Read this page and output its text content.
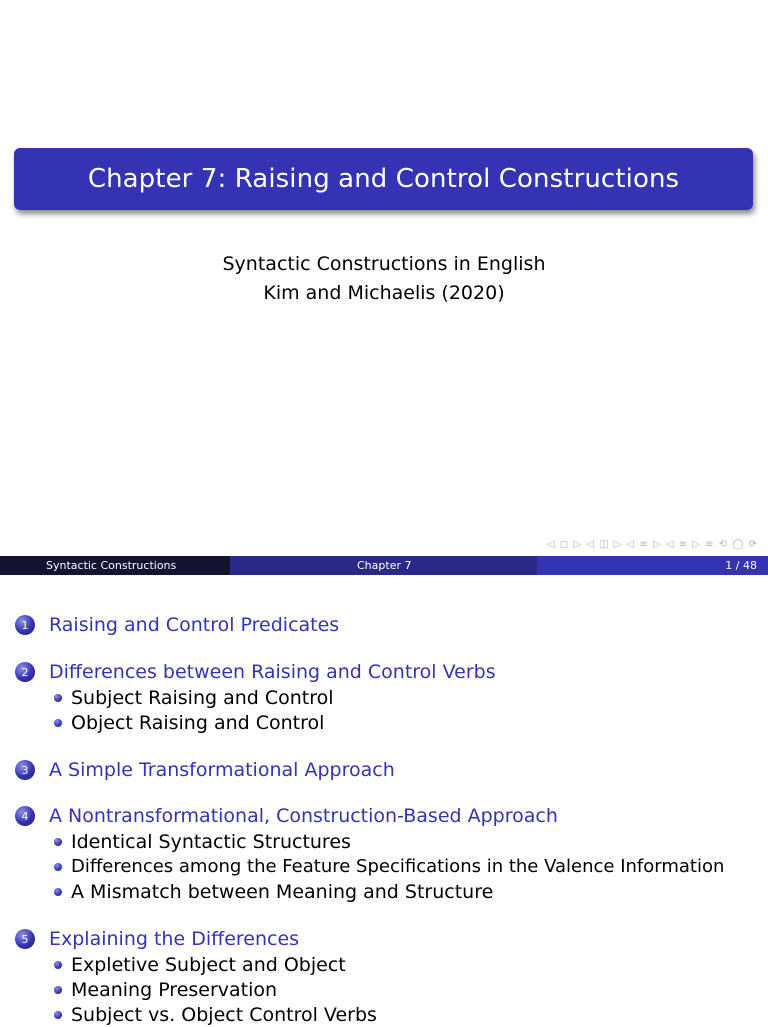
Chapter 7: Raising and Control Constructions
Syntactic Constructions in English
Kim and Michaelis (2020)
◁ ◻ ▷ ◁ ◫ ▷ ◁ ≡ ▷ ◁ ≡ ▷ ≡ ⟲ ◯ ⟳
Syntactic Constructions	Chapter 7	1 / 48
1	Raising and Control Predicates
2	Differences between Raising and Control Verbs
Subject Raising and Control
Object Raising and Control
3	A Simple Transformational Approach
4	A Nontransformational, Construction-Based Approach
Identical Syntactic Structures
Differences among the Feature Specifications in the Valence Information
A Mismatch between Meaning and Structure
5	Explaining the Differences
Expletive Subject and Object
Meaning Preservation
Subject vs. Object Control Verbs
